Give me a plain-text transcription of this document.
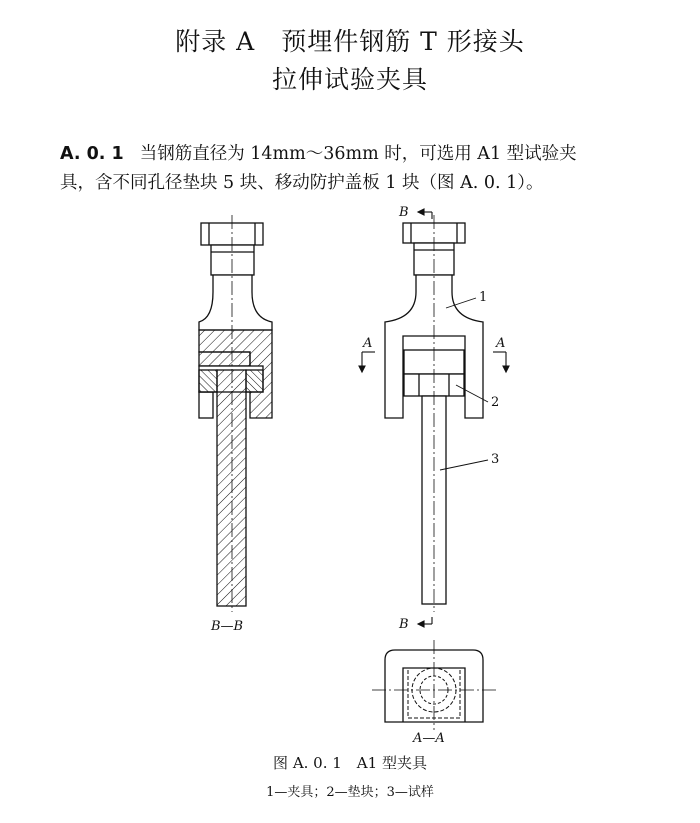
附录 A　预埋件钢筋 T 形接头
拉伸试验夹具
A. 0. 1 当钢筋直径为 14mm～36mm 时，可选用 A1 型试验夹
具，含不同孔径垫块 5 块、移动防护盖板 1 块（图 A. 0. 1）。
B—B
B
B
A	A
1
2
3
A—A
图 A. 0. 1　A1 型夹具
1—夹具；2—垫块；3—试样
